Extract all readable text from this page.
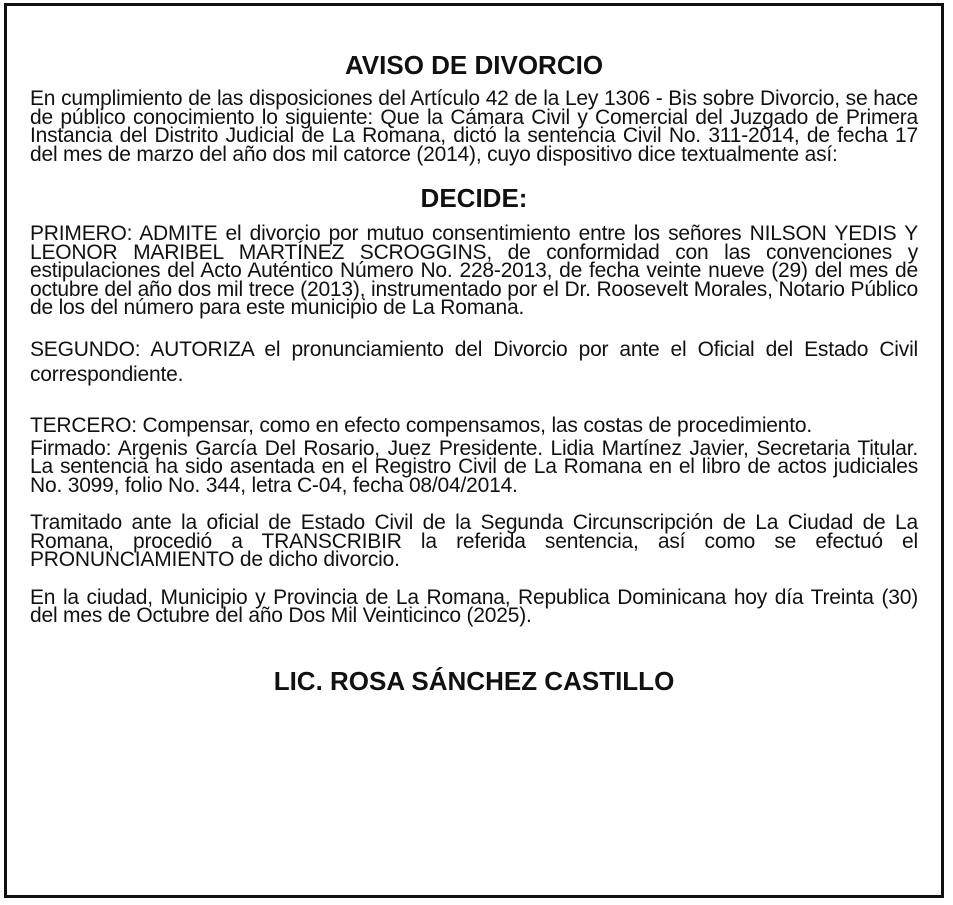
AVISO DE DIVORCIO

En cumplimiento de las disposiciones del Artículo 42 de la Ley 1306 - Bis sobre Divorcio, se hace de público conocimiento lo siguiente: Que la Cámara Civil y Comercial del Juzgado de Primera Instancia del Distrito Judicial de La Romana, dictó la sentencia Civil No. 311-2014, de fecha 17 del mes de marzo del año dos mil catorce (2014), cuyo dispositivo dice textualmente así:

DECIDE:

PRIMERO: ADMITE el divorcio por mutuo consentimiento entre los señores NILSON YEDIS Y LEONOR MARIBEL MARTÍNEZ SCROGGINS, de conformidad con las convenciones y estipulaciones del Acto Auténtico Número No. 228-2013, de fecha veinte nueve (29) del mes de octubre del año dos mil trece (2013), instrumentado por el Dr. Roosevelt Morales, Notario Público de los del número para este municipio de La Romana.

SEGUNDO: AUTORIZA el pronunciamiento del Divorcio por ante el Oficial del Estado Civil correspondiente.

TERCERO: Compensar, como en efecto compensamos, las costas de procedimiento.

Firmado: Argenis García Del Rosario, Juez Presidente. Lidia Martínez Javier, Secretaria Titular. La sentencia ha sido asentada en el Registro Civil de La Romana en el libro de actos judiciales No. 3099, folio No. 344, letra C-04, fecha 08/04/2014.

Tramitado ante la oficial de Estado Civil de la Segunda Circunscripción de La Ciudad de La Romana, procedió a TRANSCRIBIR la referida sentencia, así como se efectuó el PRONUNCIAMIENTO de dicho divorcio.

En la ciudad, Municipio y Provincia de La Romana, Republica Dominicana hoy día Treinta (30) del mes de Octubre del año Dos Mil Veinticinco (2025).

LIC. ROSA SÁNCHEZ CASTILLO
